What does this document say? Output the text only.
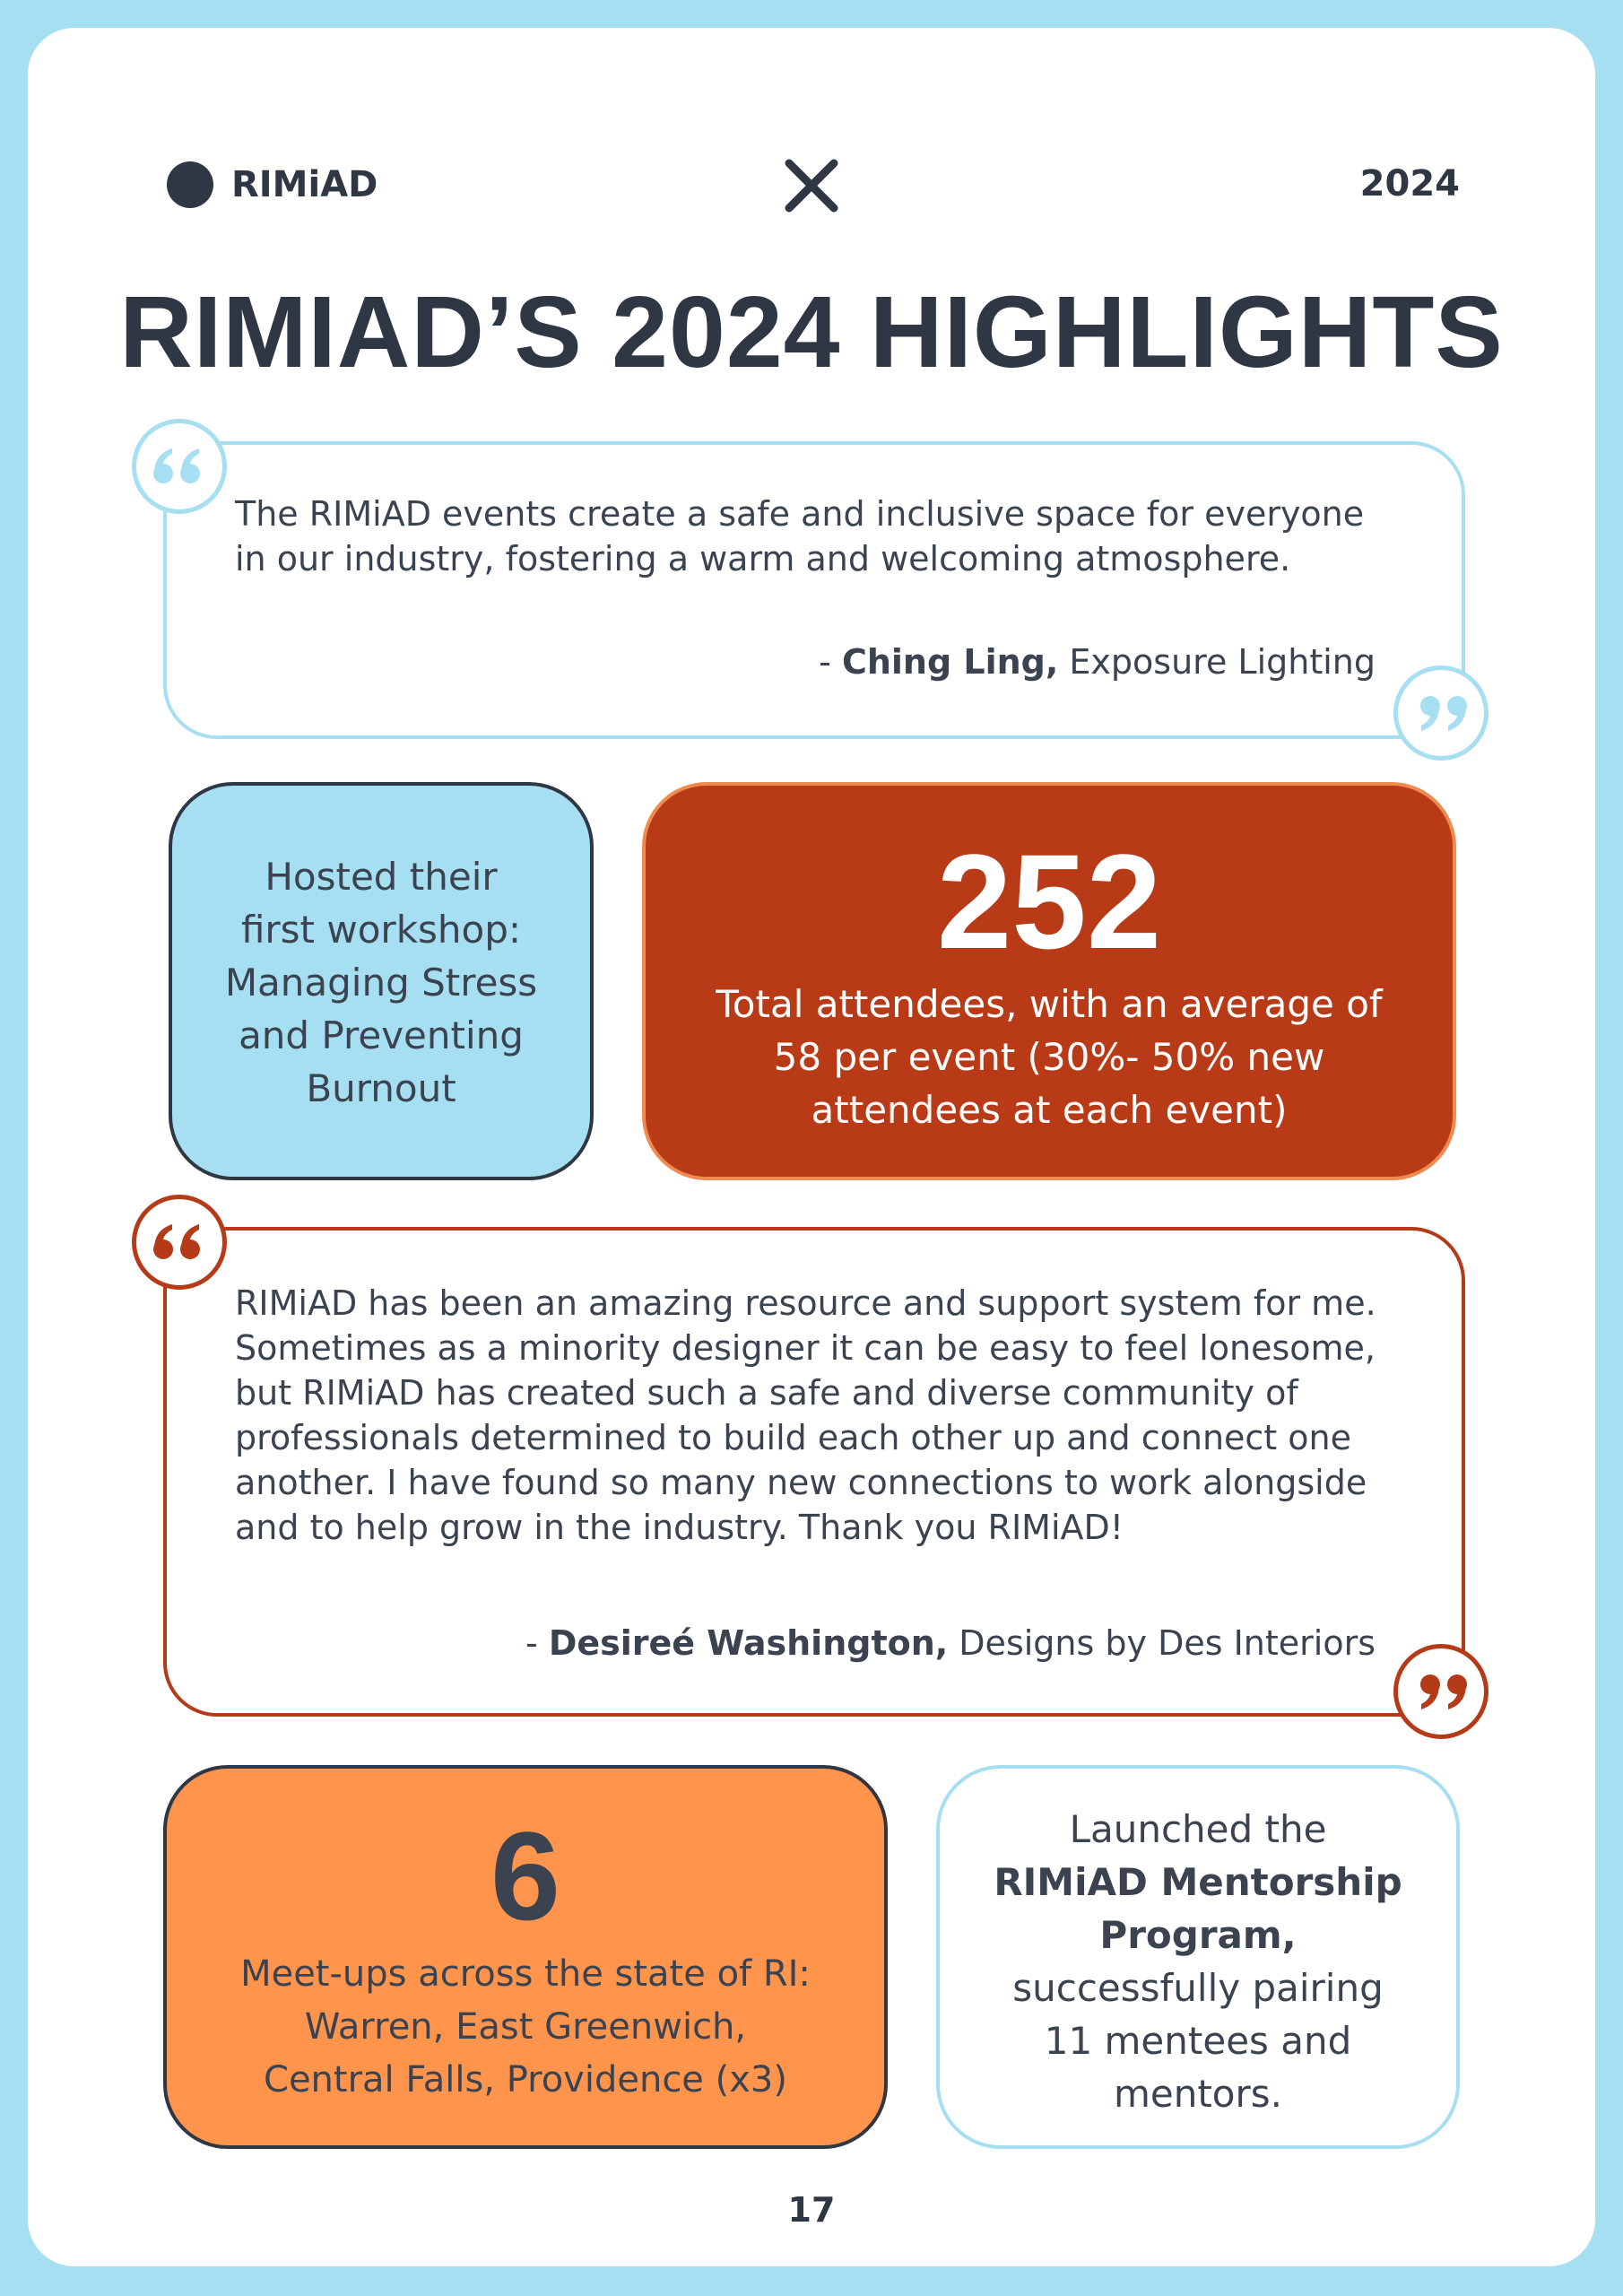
RIMiAD	2024
RIMIAD’S 2024 HIGHLIGHTS
The RIMiAD events create a safe and inclusive space for everyone in our industry, fostering a warm and welcoming atmosphere.
- Ching Ling, Exposure Lighting
Hosted their
first workshop:
Managing Stress
and Preventing
Burnout
252
Total attendees, with an average of
58 per event (30%- 50% new
attendees at each event)
RIMiAD has been an amazing resource and support system for me. Sometimes as a minority designer it can be easy to feel lonesome, but RIMiAD has created such a safe and diverse community of professionals determined to build each other up and connect one another. I have found so many new connections to work alongside and to help grow in the industry. Thank you RIMiAD!
- Desireé Washington, Designs by Des Interiors
6
Meet-ups across the state of RI:
Warren, East Greenwich,
Central Falls, Providence (x3)
Launched the
RIMiAD Mentorship
Program,
successfully pairing
11 mentees and
mentors.
17
